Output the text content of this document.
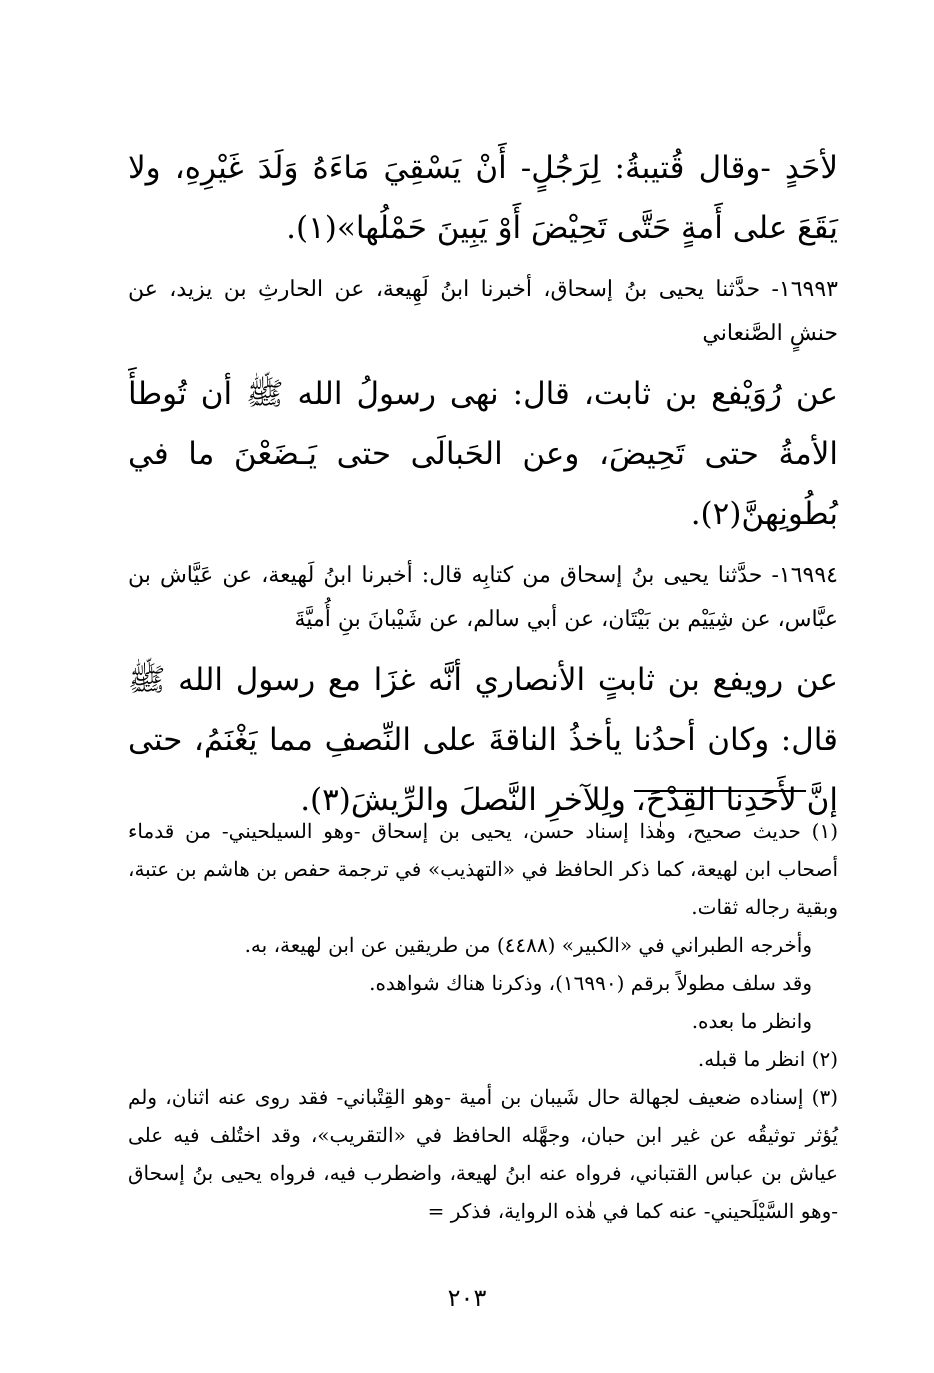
لأحَدٍ -وقال قُتيبةُ: لِرَجُلٍ- أَنْ يَسْقِيَ مَاءَهُ وَلَدَ غَيْرِهِ، ولا يَقَعَ على أَمةٍ حَتَّى تَحِيْضَ أَوْ يَبِينَ حَمْلُها»(١).

١٦٩٩٣- حدَّثنا يحيى بنُ إسحاق، أخبرنا ابنُ لَهِيعة، عن الحارثِ بن يزيد، عن حنشٍ الصَّنعاني

عن رُوَيْفع بن ثابت، قال: نهى رسولُ الله ﷺ أن تُوطأَ الأمةُ حتى تَحِيضَ، وعن الحَبالَى حتى يَـضَعْنَ ما في بُطُونِهنَّ(٢).

١٦٩٩٤- حدَّثنا يحيى بنُ إسحاق من كتابِه قال: أخبرنا ابنُ لَهيعة، عن عَيَّاش بن عبَّاس، عن شِيَيْم بن بَيْتَان، عن أبي سالم، عن شَيْبانَ بنِ أُميَّةَ

عن رويفع بن ثابتٍ الأنصاري أنَّه غزَا مع رسول الله ﷺ قال: وكان أحدُنا يأخذُ الناقةَ على النِّصفِ مما يَغْنَمُ، حتى إنَّ لأَحَدِنا القِدْحَ، ولِلآخرِ النَّصلَ والرِّيشَ(٣).

(١) حديث صحيح، وهٰذا إسناد حسن، يحيى بن إسحاق -وهو السيلحيني- من قدماء أصحاب ابن لهيعة، كما ذكر الحافظ في «التهذيب» في ترجمة حفص بن هاشم بن عتبة، وبقية رجاله ثقات.

وأخرجه الطبراني في «الكبير» (٤٤٨٨) من طريقين عن ابن لهيعة، به.

وقد سلف مطولاً برقم (١٦٩٩٠)، وذكرنا هناك شواهده.

وانظر ما بعده.

(٢) انظر ما قبله.

(٣) إسناده ضعيف لجهالة حال شَيبان بن أمية -وهو القِتْباني- فقد روى عنه اثنان، ولم يُؤثر توثيقُه عن غير ابن حبان، وجهَّله الحافظ في «التقريب»، وقد اختُلف فيه على عياش بن عباس القتباني، فرواه عنه ابنُ لهيعة، واضطرب فيه، فرواه يحيى بنُ إسحاق -وهو السَّيْلَحيني- عنه كما في هٰذه الرواية، فذكر =

٢٠٣
